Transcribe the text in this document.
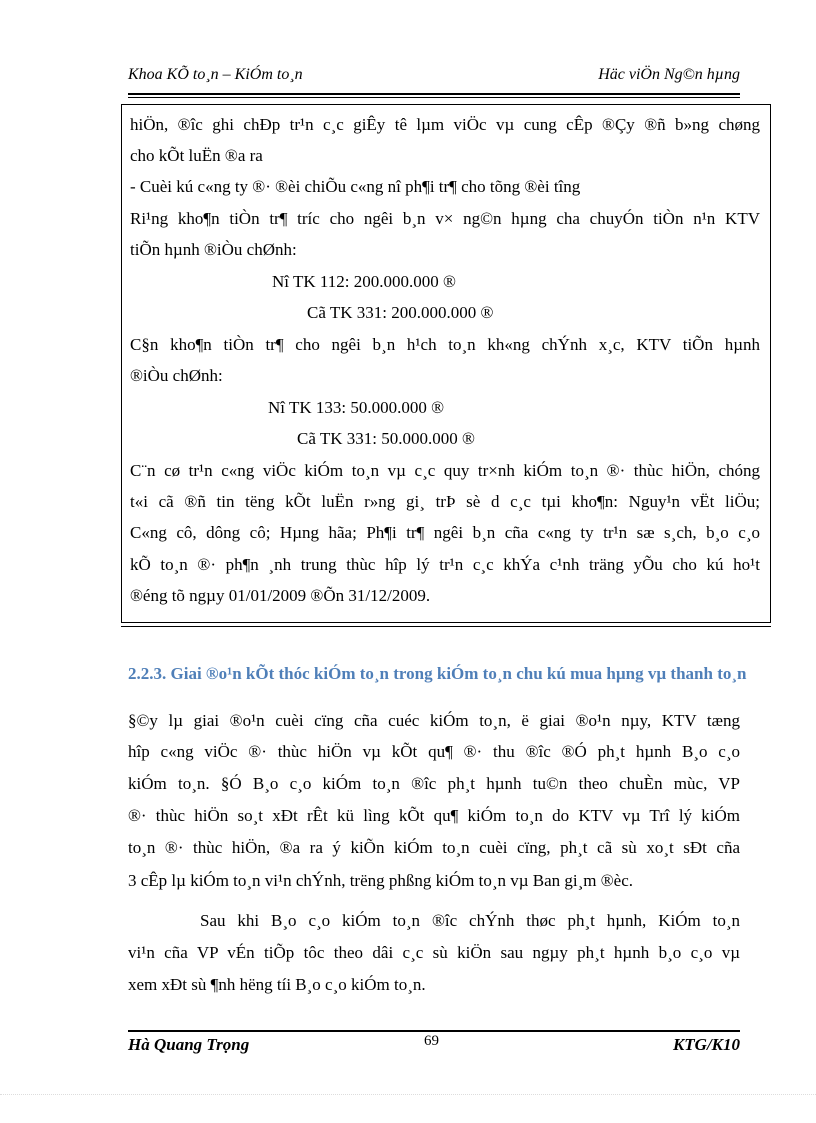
Khoa KÕ to¸n – KiÓm to¸n	Häc viÖn Ng©n hµng
hiÖn, ®îc ghi chÐp tr¹n c¸c giÊy tê lµm viÖc vµ cung cÊp ®Çy ®ñ b»ng chøng
cho kÕt luËn ®a ra
- Cuèi kú c«ng ty ®· ®èi chiÕu c«ng nî ph¶i tr¶ cho tõng ®èi tîng
Ri¹ng kho¶n tiÒn tr¶ tríc cho ngêi b¸n v× ng©n hµng cha chuyÓn tiÒn n¹n KTV
tiÕn hµnh ®iÒu chØnh:
Nî TK 112: 200.000.000 ®
Cã TK 331: 200.000.000 ®
C§n kho¶n tiÒn tr¶ cho ngêi b¸n h¹ch to¸n kh«ng chÝnh x¸c, KTV tiÕn hµnh
®iÒu chØnh:
Nî TK 133: 50.000.000 ®
Cã TK 331: 50.000.000 ®
C¨n cø tr¹n c«ng viÖc kiÓm to¸n vµ c¸c quy tr×nh kiÓm to¸n ®· thùc hiÖn, chóng
t«i cã ®ñ tin tëng kÕt luËn r»ng gi¸ trÞ sè d c¸c tµi kho¶n: Nguy¹n vËt liÖu;
C«ng cô, dông cô; Hµng hãa; Ph¶i tr¶ ngêi b¸n cña c«ng ty tr¹n sæ s¸ch, b¸o c¸o
kÕ to¸n ®· ph¶n ¸nh trung thùc hîp lý tr¹n c¸c khÝa c¹nh träng yÕu cho kú ho¹t
®éng tõ ngµy 01/01/2009 ®Õn 31/12/2009.
2.2.3. Giai ®o¹n kÕt thóc kiÓm to¸n trong kiÓm to¸n chu kú mua hµng vµ thanh to¸n
§©y lµ giai ®o¹n cuèi cïng cña cuéc kiÓm to¸n, ë giai ®o¹n nµy, KTV tæng
hîp c«ng viÖc ®· thùc hiÖn vµ kÕt qu¶ ®· thu ®îc ®Ó ph¸t hµnh B¸o c¸o
kiÓm to¸n. §Ó B¸o c¸o kiÓm to¸n ®îc ph¸t hµnh tu©n theo chuÈn mùc, VP
®· thùc hiÖn so¸t xÐt rÊt kü lìng kÕt qu¶ kiÓm to¸n do KTV vµ Trî lý kiÓm
to¸n ®· thùc hiÖn, ®a ra ý kiÕn kiÓm to¸n cuèi cïng, ph¸t cã sù xo¸t sÐt cña
3 cÊp lµ kiÓm to¸n vi¹n chÝnh, trëng phßng kiÓm to¸n vµ Ban gi¸m ®èc.
Sau khi B¸o c¸o kiÓm to¸n ®îc chÝnh thøc ph¸t hµnh, KiÓm to¸n
vi¹n cña VP vÉn tiÕp tôc theo dâi c¸c sù kiÖn sau ngµy ph¸t hµnh b¸o c¸o vµ
xem xÐt sù ¶nh hëng tíi B¸o c¸o kiÓm to¸n.
Hà Quang Trọng	69	KTG/K10
